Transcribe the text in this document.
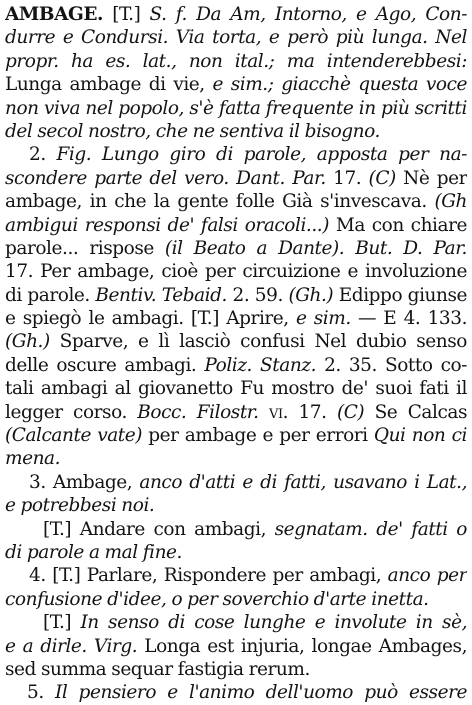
AMBAGE. [T.] S. f. Da Am, Intorno, e Ago, Con-
durre e Condursi. Via torta, e però più lunga. Nel
propr. ha es. lat., non ital.; ma intenderebbesi:
Lunga ambage di vie, e sim.; giacchè questa voce
non viva nel popolo, s'è fatta frequente in più scritti
del secol nostro, che ne sentiva il bisogno.
2. Fig. Lungo giro di parole, apposta per na-
scondere parte del vero. Dant. Par. 17. (C) Nè per
ambage, in che la gente folle Già s'invescava. (Gh
ambigui responsi de' falsi oracoli...) Ma con chiare
parole... rispose (il Beato a Dante). But. D. Par.
17. Per ambage, cioè per circuizione e involuzione
di parole. Bentiv. Tebaid. 2. 59. (Gh.) Edippo giunse
e spiegò le ambagi. [T.] Aprire, e sim. — E 4. 133.
(Gh.) Sparve, e lì lasciò confusi Nel dubio senso
delle oscure ambagi. Poliz. Stanz. 2. 35. Sotto co-
tali ambagi al giovanetto Fu mostro de' suoi fati il
legger corso. Bocc. Filostr. vi. 17. (C) Se Calcas
(Calcante vate) per ambage e per errori Qui non ci
mena.
3. Ambage, anco d'atti e di fatti, usavano i Lat.,
e potrebbesi noi.
[T.] Andare con ambagi, segnatam. de' fatti o
di parole a mal fine.
4. [T.] Parlare, Rispondere per ambagi, anco per
confusione d'idee, o per soverchio d'arte inetta.
[T.] In senso di cose lunghe e involute in sè,
e a dirle. Virg. Longa est injuria, longae Ambages,
sed summa sequar fastigia rerum.
5. Il pensiero e l'animo dell'uomo può essere
